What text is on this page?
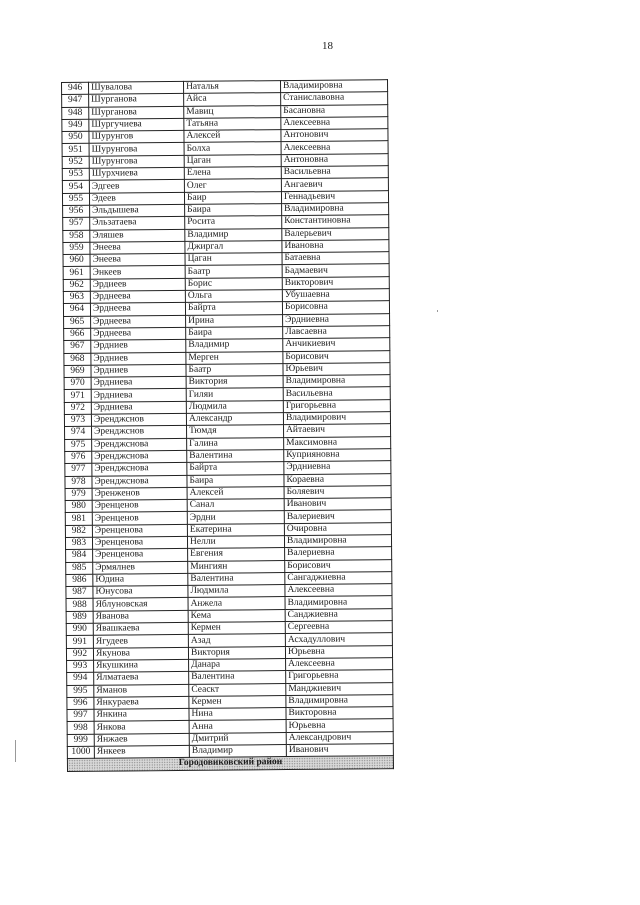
18
946	Шувалова	Наталья	Владимировна
947	Шурганова	Айса	Станиславовна
948	Шурганова	Мавиц	Басановна
949	Шургучиева	Татьяна	Алексеевна
950	Шурунгов	Алексей	Антонович
951	Шурунгова	Болха	Алексеевна
952	Шурунгова	Цаган	Антоновна
953	Шурхчиева	Елена	Васильевна
954	Эдгеев	Олег	Ангаевич
955	Эдеев	Баир	Геннадьевич
956	Эльдышева	Баира	Владимировна
957	Эльзатаева	Росита	Константиновна
958	Эляшев	Владимир	Валерьевич
959	Энеева	Джиргал	Ивановна
960	Энеева	Цаган	Батаевна
961	Энкеев	Баатр	Бадмаевич
962	Эрдиеев	Борис	Викторович
963	Эрднеева	Ольга	Убушаевна
964	Эрднеева	Байрта	Борисовна
965	Эрднеева	Ирина	Эрдниевна
966	Эрднеева	Баира	Лавсаевна
967	Эрдниев	Владимир	Анчикиевич
968	Эрдниев	Мерген	Борисович
969	Эрдниев	Баатр	Юрьевич
970	Эрдниева	Виктория	Владимировна
971	Эрдниева	Гиляи	Васильевна
972	Эрдниева	Людмила	Григорьевна
973	Эренджснов	Александр	Владимирович
974	Эренджснов	Тюмдя	Айтаевич
975	Эренджснова	Галина	Максимовна
976	Эренджснова	Валентина	Куприяновна
977	Эренджснова	Байрта	Эрдниевна
978	Эренджснова	Баира	Кораевна
979	Эренженов	Алексей	Боляевич
980	Эренценов	Санал	Иванович
981	Эренценов	Эрдни	Валериевич
982	Эренценова	Екатерина	Очировна
983	Эренценова	Нелли	Владимировна
984	Эренценова	Евгения	Валериевна
985	Эрмялнев	Мингиян	Борисович
986	Юдина	Валентина	Сангаджиевна
987	Юнусова	Людмила	Алексеевна
988	Яблуновская	Анжела	Владимировна
989	Яванова	Кема	Санджиевна
990	Явашкаева	Кермен	Сергеевна
991	Ягудеев	Азад	Асхадуллович
992	Якунова	Виктория	Юрьевна
993	Якушкина	Данара	Алексеевна
994	Ялматаева	Валентина	Григорьевна
995	Яманов	Сеаскт	Манджиевич
996	Янкураева	Кермен	Владимировна
997	Янкина	Нина	Викторовна
998	Янкова	Анна	Юрьевна
999	Янжаев	Дмитрий	Александрович
1000	Янкеев	Владимир	Иванович
Городовиковский район			
